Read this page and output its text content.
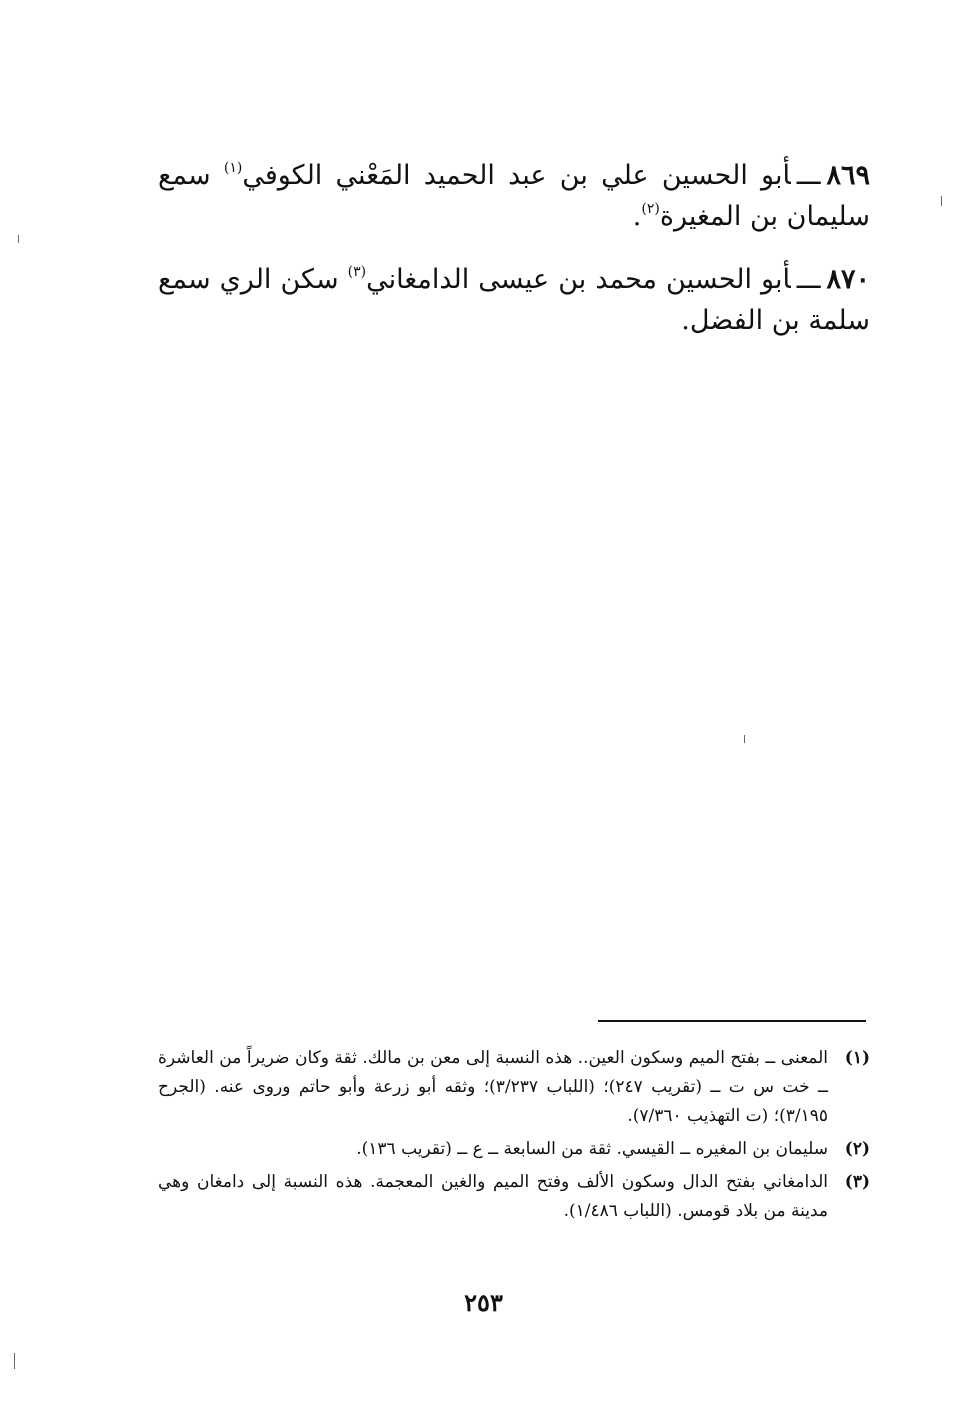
٨٦٩ـــأبو الحسين علي بن عبد الحميد المَعْني الكوفي$^{(١)}$ سمع سليمان بن المغيرة$^{(٢)}$.

٨٧٠ـــأبو الحسين محمد بن عيسى الدامغاني$^{(٣)}$ سكن الري سمع سلمة بن الفضل.

(١)
المعنى ــ بفتح الميم وسكون العين.. هذه النسبة إلى معن بن مالك. ثقة وكان ضريراً من العاشرة ــ خت س ت ــ (تقريب ٢٤٧)؛ (اللباب ٣/٢٣٧)؛ وثقه أبو زرعة وأبو حاتم وروى عنه. (الجرح ٣/١٩٥)؛ (ت التهذيب ٧/٣٦٠).
(٢)
سليمان بن المغيره ــ القيسي. ثقة من السابعة ــ ع ــ (تقريب ١٣٦).
(٣)
الدامغاني بفتح الدال وسكون الألف وفتح الميم والغين المعجمة. هذه النسبة إلى دامغان وهي مدينة من بلاد قومس. (اللباب ١/٤٨٦).
٢٥٣
